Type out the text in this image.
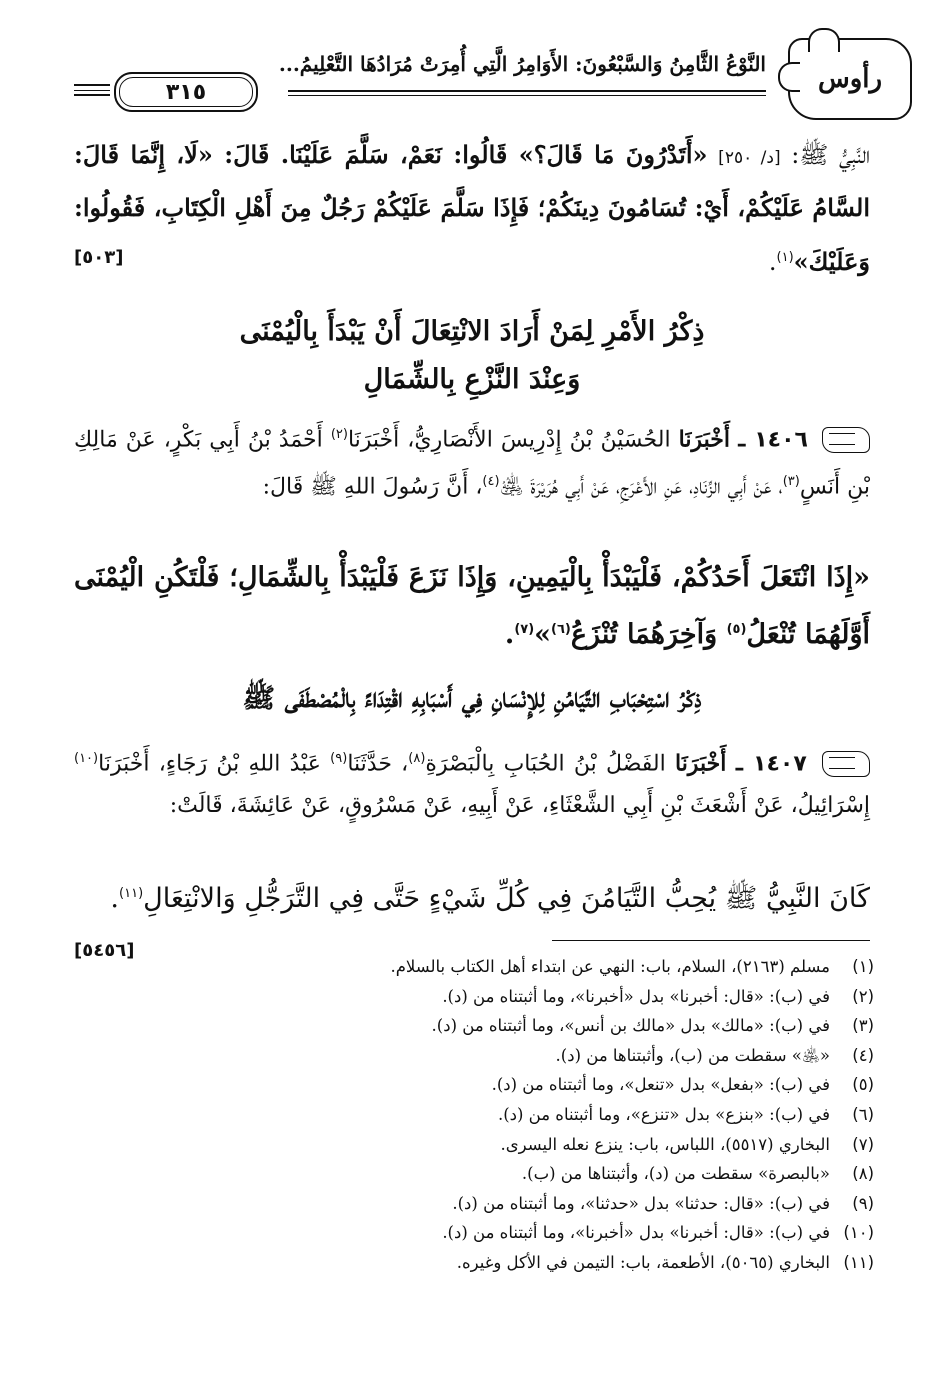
رأوس
النَّوْعُ الثَّامِنُ وَالسَّبْعُونَ: الأَوَامِرُ الَّتِي أُمِرَتْ مُرَادُهَا التَّعْلِيمُ...
٣١٥
النَّبِيُّ ﷺ: [د/ ٢٥٠] «أَتَدْرُونَ مَا قَالَ؟» قَالُوا: نَعَمْ، سَلَّمَ عَلَيْنَا. قَالَ: «لَا، إِنَّمَا قَالَ: السَّامُ عَلَيْكُمْ، أَيْ: تُسَامُونَ دِينَكُمْ؛ فَإِذَا سَلَّمَ عَلَيْكُمْ رَجُلٌ مِنَ أَهْلِ الْكِتَابِ، فَقُولُوا: وَعَلَيْكَ»$^{(١)}$.
[٥٠٣]
ذِكْرُ الأَمْرِ لِمَنْ أَرَادَ الانْتِعَالَ أَنْ يَبْدَأَ بِالْيُمْنَى
وَعِنْدَ النَّزْعِ بِالشِّمَالِ
١٤٠٦ ـ أَخْبَرَنَا الحُسَيْنُ بْنُ إِدْرِيسَ الأَنْصَارِيُّ، أَخْبَرَنَا$^{(٢)}$ أَحْمَدُ بْنُ أَبِي بَكْرٍ، عَنْ مَالِكِ بْنِ أَنَسٍ$^{(٣)}$، عَنْ أَبِي الزِّنَادِ، عَنِ الأَعْرَجِ، عَنْ أَبِي هُرَيْرَةَ ﵁$^{(٤)}$، أَنَّ رَسُولَ اللهِ ﷺ قَالَ:
«إِذَا انْتَعَلَ أَحَدُكُمْ، فَلْيَبْدَأْ بِالْيَمِينِ، وَإِذَا نَزَعَ فَلْيَبْدَأْ بِالشِّمَالِ؛ فَلْتَكُنِ الْيُمْنَى أَوَّلَهُمَا تُنْعَلُ$^{(٥)}$ وَآخِرَهُمَا تُنْزَعُ$^{(٦)}$»$^{(٧)}$.
ذِكْرُ اسْتِحْبَابِ التَّيَامُنِ لِلإِنْسَانِ فِي أَسْبَابِهِ اقْتِدَاءً بِالْمُصْطَفَى ﷺ
١٤٠٧ ـ أَخْبَرَنَا الفَضْلُ بْنُ الحُبَابِ بِالْبَصْرَةِ$^{(٨)}$، حَدَّثَنَا$^{(٩)}$ عَبْدُ اللهِ بْنُ رَجَاءٍ، أَخْبَرَنَا$^{(١٠)}$ إِسْرَائِيلُ، عَنْ أَشْعَثَ بْنِ أَبِي الشَّعْثَاءِ، عَنْ أَبِيهِ، عَنْ مَسْرُوقٍ، عَنْ عَائِشَةَ، قَالَتْ:
كَانَ النَّبِيُّ ﷺ يُحِبُّ التَّيَامُنَ فِي كُلِّ شَيْءٍ حَتَّى فِي التَّرَجُّلِ وَالانْتِعَالِ$^{(١١)}$.
[٥٤٥٦]
(١)مسلم (٢١٦٣)، السلام، باب: النهي عن ابتداء أهل الكتاب بالسلام.
(٢)في (ب): «قال: أخبرنا» بدل «أخبرنا»، وما أثبتناه من (د).
(٣)في (ب): «مالك» بدل «مالك بن أنس»، وما أثبتناه من (د).
(٤)«﵁» سقطت من (ب)، وأثبتناها من (د).
(٥)في (ب): «بفعل» بدل «تنعل»، وما أثبتناه من (د).
(٦)في (ب): «بنزع» بدل «تنزع»، وما أثبتناه من (د).
(٧)البخاري (٥٥١٧)، اللباس، باب: ينزع نعله اليسرى.
(٨)«بالبصرة» سقطت من (د)، وأثبتناها من (ب).
(٩)في (ب): «قال: حدثنا» بدل «حدثنا»، وما أثبتناه من (د).
(١٠)في (ب): «قال: أخبرنا» بدل «أخبرنا»، وما أثبتناه من (د).
(١١)البخاري (٥٠٦٥)، الأطعمة، باب: التيمن في الأكل وغيره.
